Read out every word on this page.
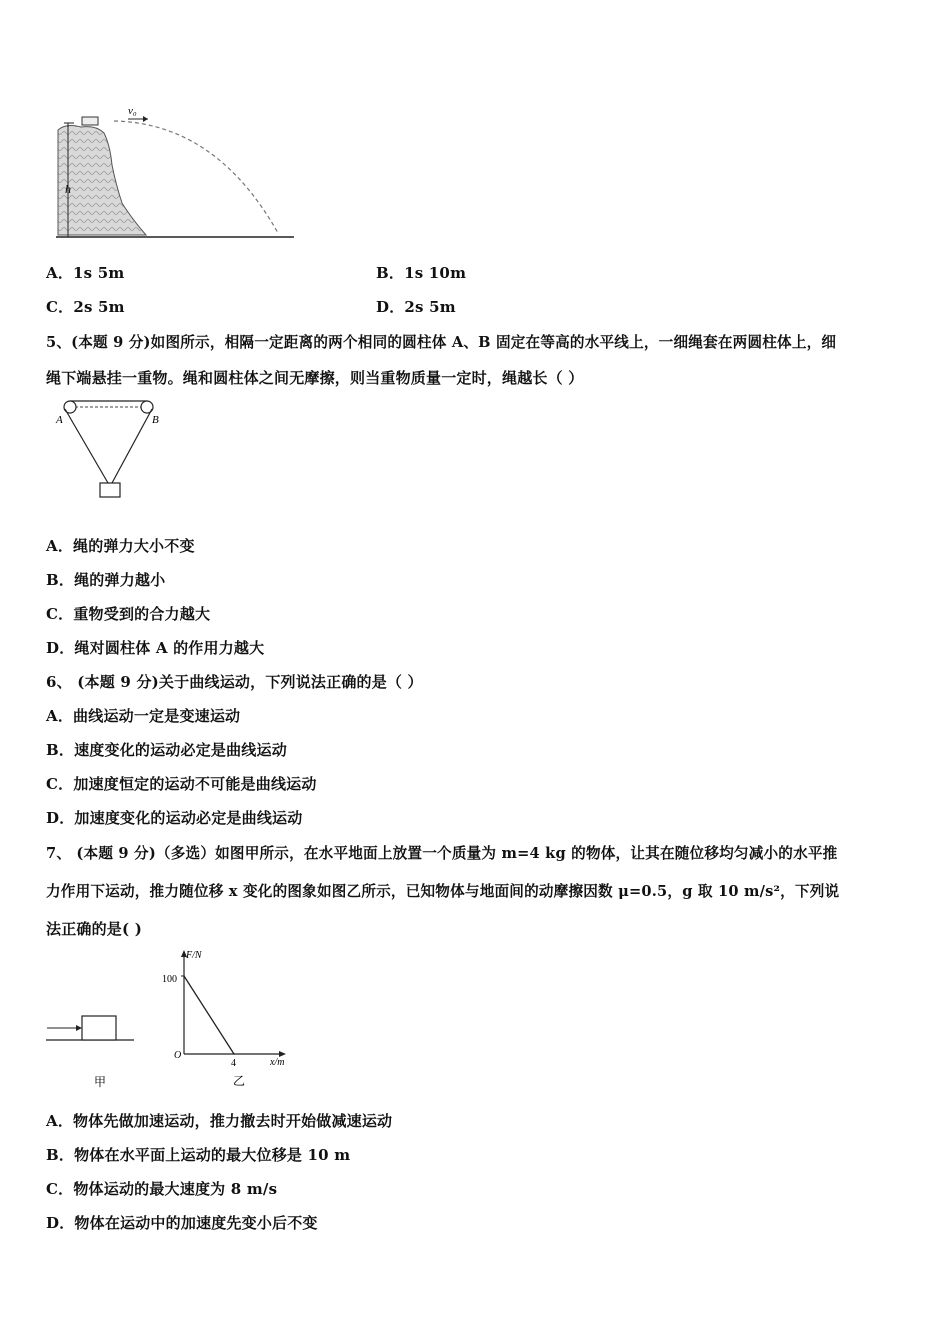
h
v₀
A．1s 5m	B．1s 10m
C．2s 5m	D．2s 5m
5、(本题 9 分)如图所示，相隔一定距离的两个相同的圆柱体 A、B 固定在等高的水平线上，一细绳套在两圆柱体上，细
绳下端悬挂一重物。绳和圆柱体之间无摩擦，则当重物质量一定时，绳越长（ ）
A	B
A．绳的弹力大小不变
B．绳的弹力越小
C．重物受到的合力越大
D．绳对圆柱体 A 的作用力越大
6、 (本题 9 分)关于曲线运动，下列说法正确的是（ ）
A．曲线运动一定是变速运动
B．速度变化的运动必定是曲线运动
C．加速度恒定的运动不可能是曲线运动
D．加速度变化的运动必定是曲线运动
7、 (本题 9 分)（多选）如图甲所示，在水平地面上放置一个质量为 m=4 kg 的物体，让其在随位移均匀减小的水平推
力作用下运动，推力随位移 x 变化的图象如图乙所示，已知物体与地面间的动摩擦因数 μ=0.5，g 取 10 m/s²，下列说
法正确的是( )
甲
F/N
x/m
O
100
4
乙
A．物体先做加速运动，推力撤去时开始做减速运动
B．物体在水平面上运动的最大位移是 10 m
C．物体运动的最大速度为 8 m/s
D．物体在运动中的加速度先变小后不变
